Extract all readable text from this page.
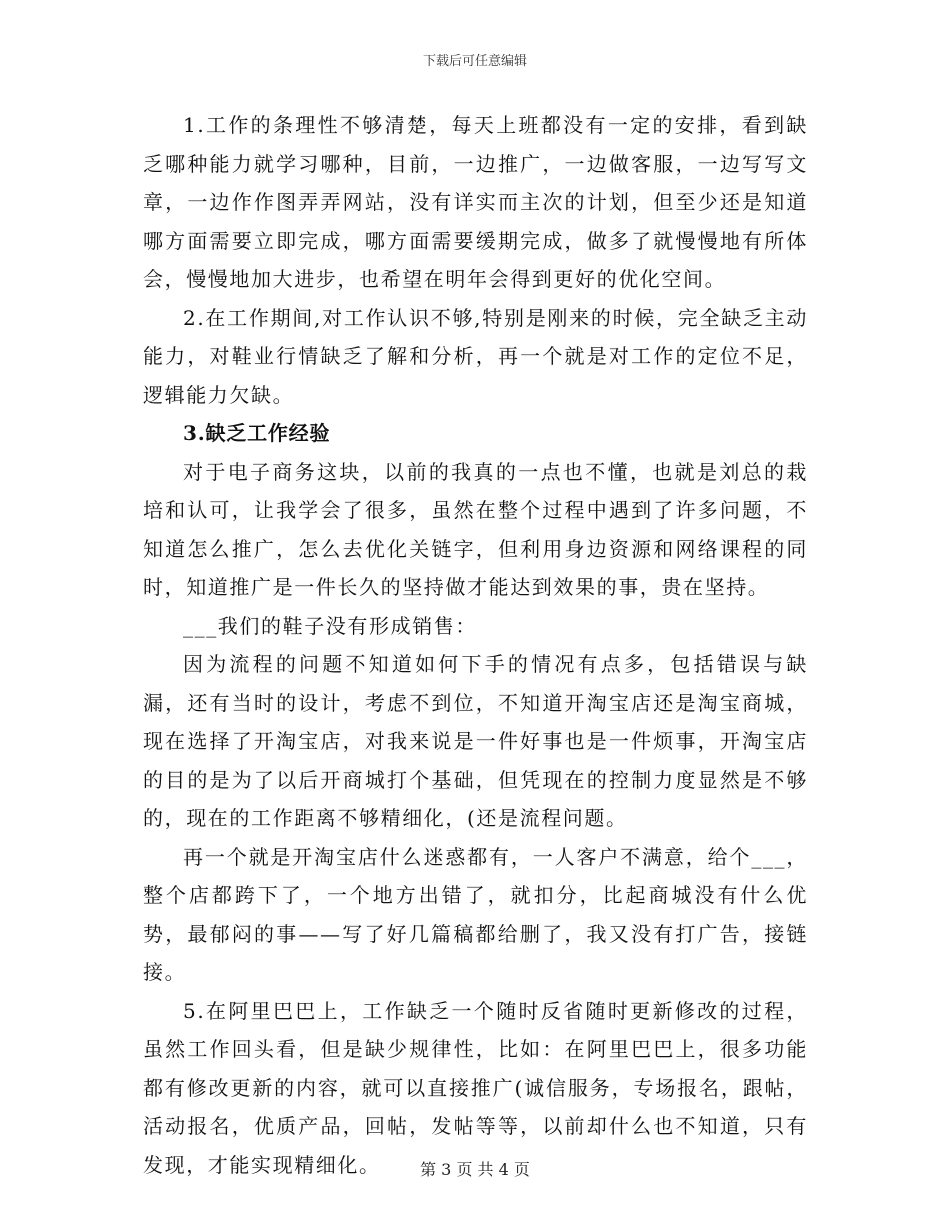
下载后可任意编辑

1.工作的条理性不够清楚，每天上班都没有一定的安排，看到缺乏哪种能力就学习哪种，目前，一边推广，一边做客服，一边写写文章，一边作作图弄弄网站，没有详实而主次的计划，但至少还是知道哪方面需要立即完成，哪方面需要缓期完成，做多了就慢慢地有所体会，慢慢地加大进步，也希望在明年会得到更好的优化空间。

2.在工作期间,对工作认识不够,特别是刚来的时候，完全缺乏主动能力，对鞋业行情缺乏了解和分析，再一个就是对工作的定位不足，逻辑能力欠缺。

3.缺乏工作经验

对于电子商务这块，以前的我真的一点也不懂，也就是刘总的栽培和认可，让我学会了很多，虽然在整个过程中遇到了许多问题，不知道怎么推广，怎么去优化关链字，但利用身边资源和网络课程的同时，知道推广是一件长久的坚持做才能达到效果的事，贵在坚持。

___我们的鞋子没有形成销售：

因为流程的问题不知道如何下手的情况有点多，包括错误与缺漏，还有当时的设计，考虑不到位，不知道开淘宝店还是淘宝商城，现在选择了开淘宝店，对我来说是一件好事也是一件烦事，开淘宝店的目的是为了以后开商城打个基础，但凭现在的控制力度显然是不够的，现在的工作距离不够精细化，(还是流程问题。

再一个就是开淘宝店什么迷惑都有，一人客户不满意，给个___，整个店都跨下了，一个地方出错了，就扣分，比起商城没有什么优势，最郁闷的事——写了好几篇稿都给删了，我又没有打广告，接链接。

5.在阿里巴巴上，工作缺乏一个随时反省随时更新修改的过程，虽然工作回头看，但是缺少规律性，比如：在阿里巴巴上，很多功能都有修改更新的内容，就可以直接推广(诚信服务，专场报名，跟帖，活动报名，优质产品，回帖，发帖等等，以前却什么也不知道，只有发现，才能实现精细化。	第 3 页 共 4 页
